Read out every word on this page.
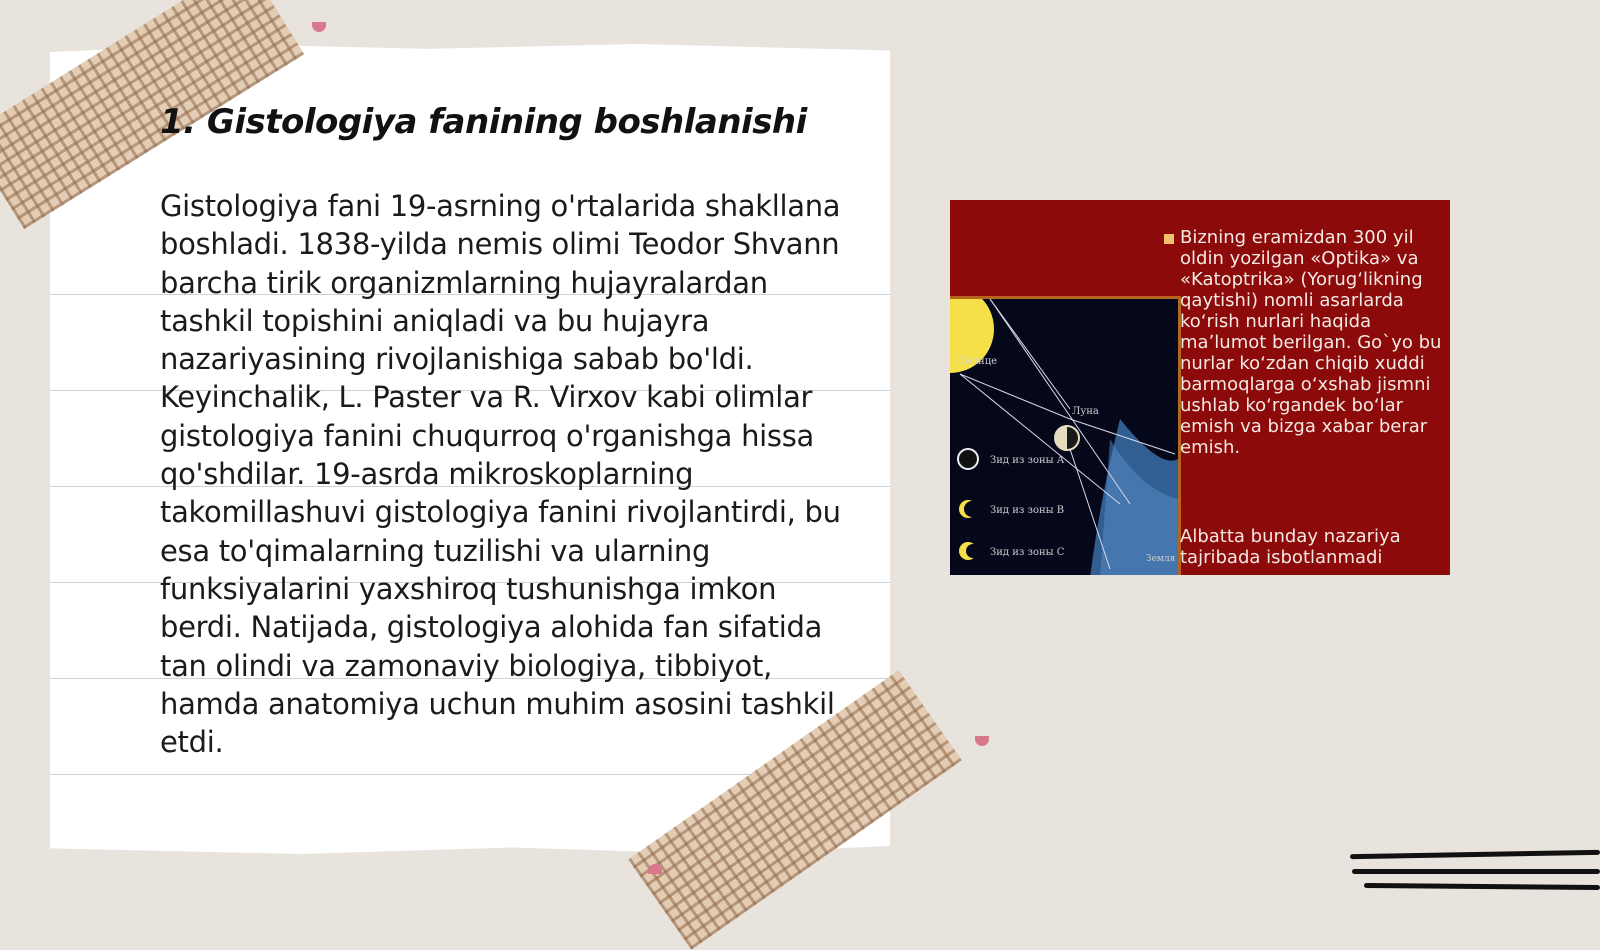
1. Gistologiya fanining boshlanishi

Gistologiya fani 19-asrning o'rtalarida shakllana boshladi. 1838-yilda nemis olimi Teodor Shvann barcha tirik organizmlarning hujayralardan tashkil topishini aniqladi va bu hujayra nazariyasining rivojlanishiga sabab bo'ldi. Keyinchalik, L. Paster va R. Virxov kabi olimlar gistologiya fanini chuqurroq o'rganishga hissa qo'shdilar. 19-asrda mikroskoplarning takomillashuvi gistologiya fanini rivojlantirdi, bu esa to'qimalarning tuzilishi va ularning funksiyalarini yaxshiroq tushunishga imkon berdi. Natijada, gistologiya alohida fan sifatida tan olindi va zamonaviy biologiya, tibbiyot, hamda anatomiya uchun muhim asosini tashkil etdi.

Солнце
Луна
Зид из зоны А
Зид из зоны В
Зид из зоны С
Земля

Bizning eramizdan 300 yil oldin yozilgan «Optika» va «Katoptrika» (Yorugʻlikning qaytishi) nomli asarlarda koʻrish nurlari haqida maʼlumot berilgan. Go`yo bu nurlar koʻzdan chiqib xuddi barmoqlarga oʻxshab jismni ushlab koʻrgandek boʻlar emish va bizga xabar berar emish.

Albatta bunday nazariya tajribada isbotlanmadi
